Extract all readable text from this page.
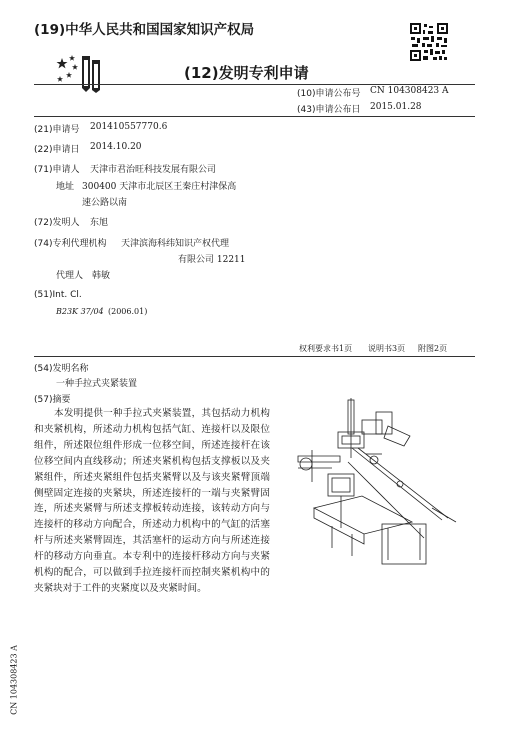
(19)中华人民共和国国家知识产权局
(12)发明专利申请
(10)申请公布号 CN 104308423 A
(43)申请公布日 2015.01.28
(21)申请号 201410557770.6
(22)申请日 2014.10.20
(71)申请人 天津市君治旺科技发展有限公司
地址 300400 天津市北辰区王秦庄村津保高
速公路以南
(72)发明人 东旭
(74)专利代理机构 天津滨海科纬知识产权代理
有限公司 12211
代理人 韩敏
(51)Int. Cl.
B23K 37/04 (2006.01)
权利要求书1页 说明书3页 附图2页
(54)发明名称
一种手拉式夹紧装置
(57)摘要

本发明提供一种手拉式夹紧装置，其包括动力机构和夹紧机构，所述动力机构包括气缸、连接杆以及限位组件，所述限位组件形成一位移空间，所述连接杆在该位移空间内直线移动；所述夹紧机构包括支撑板以及夹紧组件，所述夹紧组件包括夹紧臂以及与该夹紧臂顶端侧壁固定连接的夹紧块，所述连接杆的一端与夹紧臂固连，所述夹紧臂与所述支撑板转动连接，该转动方向与连接杆的移动方向配合，所述动力机构中的气缸的活塞杆与所述夹紧臂固连，其活塞杆的运动方向与所述连接杆的移动方向垂直。本专利中的连接杆移动方向与夹紧机构的配合，可以做到手拉连接杆而控制夹紧机构中的夹紧块对于工件的夹紧度以及夹紧时间。

CN 104308423 A
